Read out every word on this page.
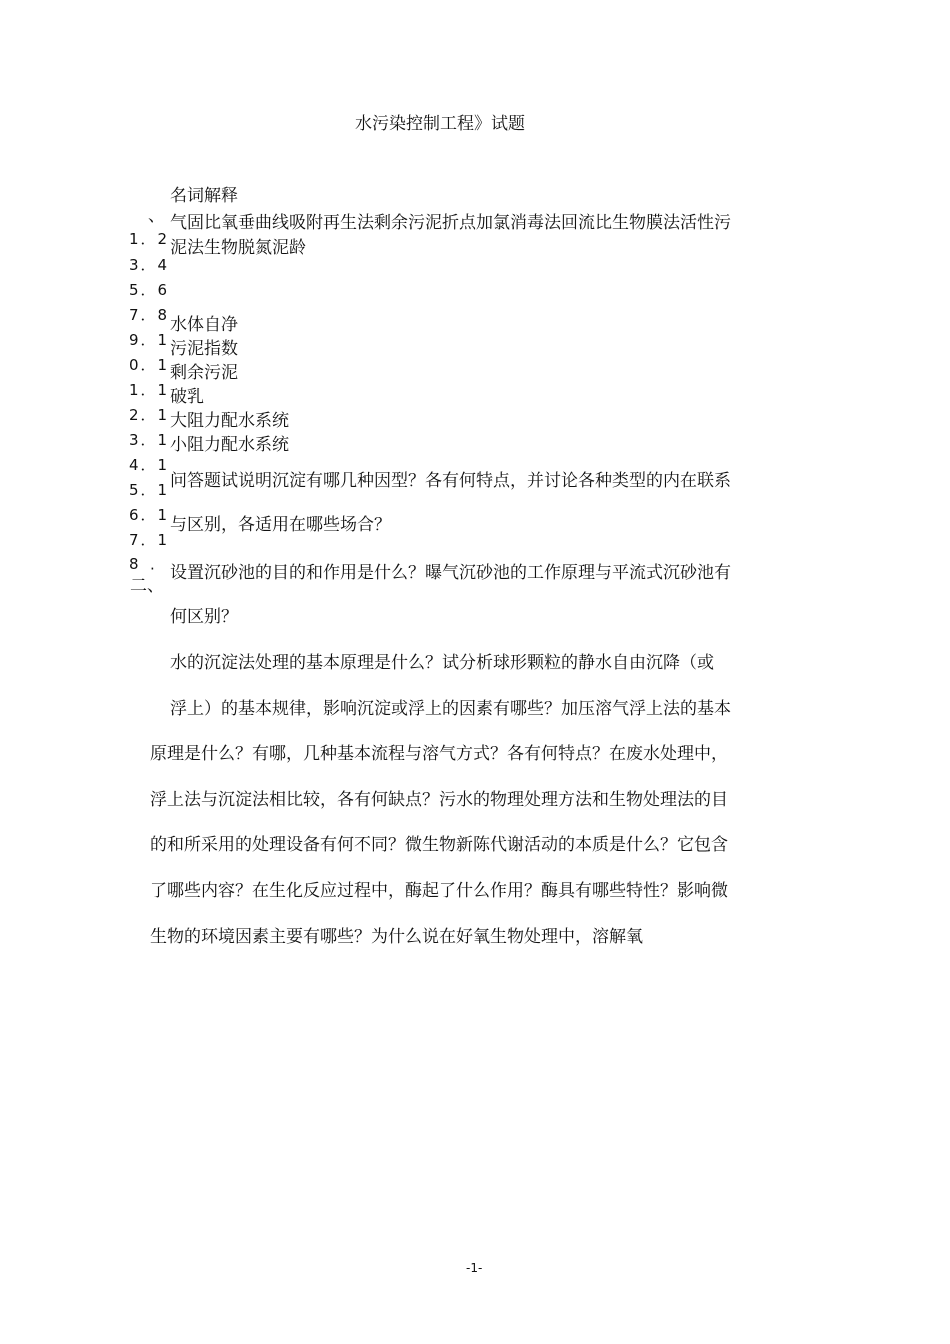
水污染控制工程》试题
名词解释
、 气固比氧垂曲线吸附再生法剩余污泥折点加氯消毒法回流比生物膜法活性污
泥法生物脱氮泥龄
1．2
3．4
5．6
7．8
9．1
0．1
1．1
2．1
3．1
4．1
5．1
6．1
7．1
8
水体自净
污泥指数
剩余污泥
破乳
大阻力配水系统
小阻力配水系统
问答题试说明沉淀有哪几种因型？各有何特点，并讨论各种类型的内在联系
与区别，各适用在哪些场合？
·
二、
设置沉砂池的目的和作用是什么？曝气沉砂池的工作原理与平流式沉砂池有
何区别？
水的沉淀法处理的基本原理是什么？试分析球形颗粒的静水自由沉降（或
浮上）的基本规律，影响沉淀或浮上的因素有哪些？加压溶气浮上法的基本
原理是什么？有哪，几种基本流程与溶气方式？各有何特点？在废水处理中，
浮上法与沉淀法相比较，各有何缺点？污水的物理处理方法和生物处理法的目
的和所采用的处理设备有何不同？微生物新陈代谢活动的本质是什么？它包含
了哪些内容？在生化反应过程中，酶起了什么作用？酶具有哪些特性？影响微
生物的环境因素主要有哪些？为什么说在好氧生物处理中，溶解氧
-1-
